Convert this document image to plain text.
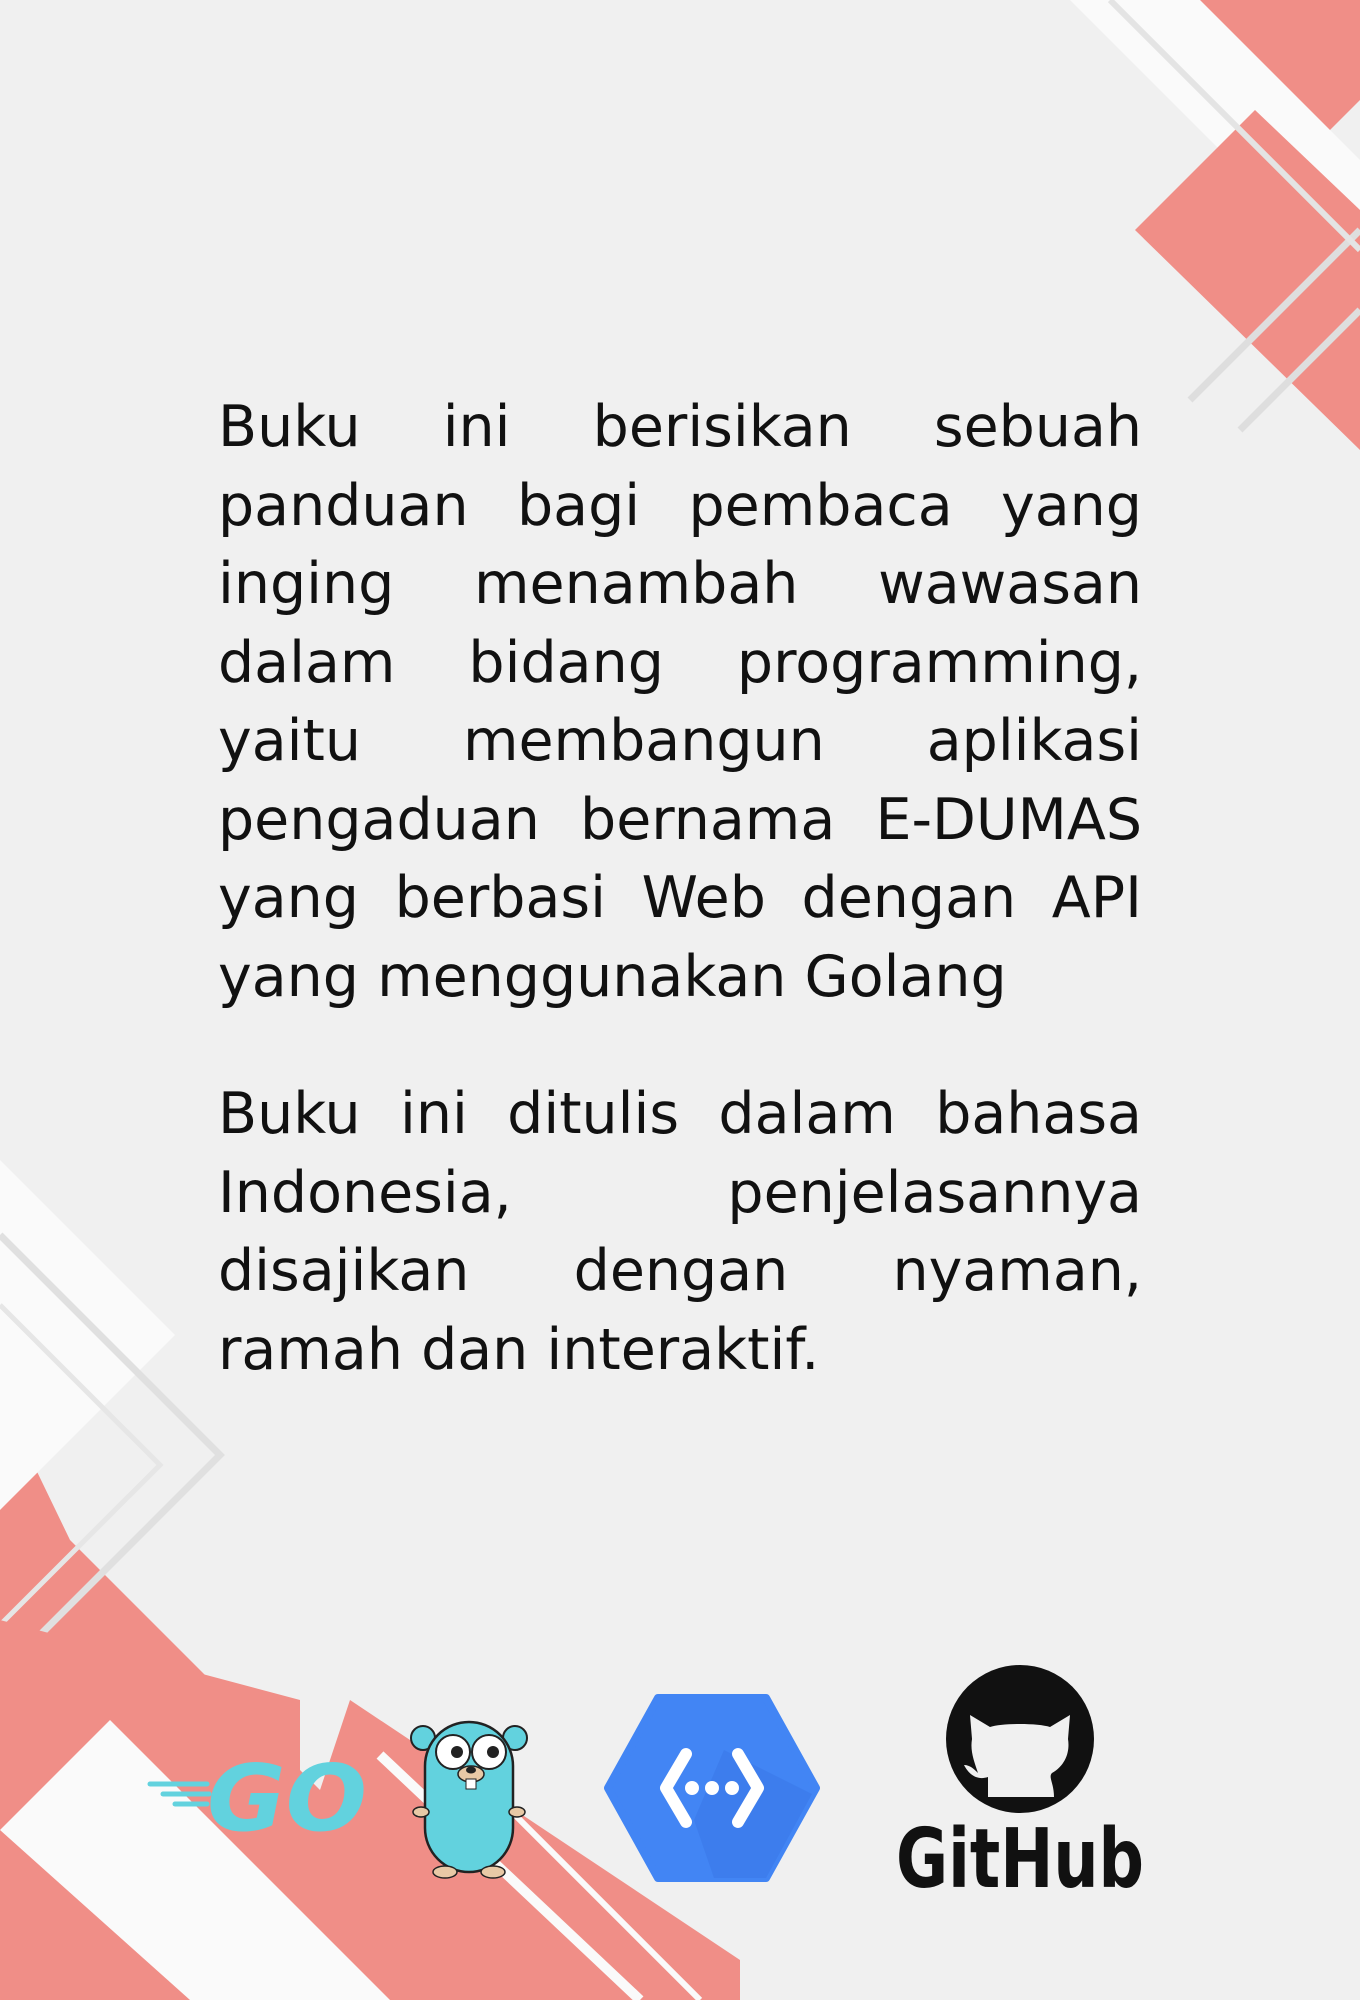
Buku ini berisikan sebuah panduan bagi pembaca yang inging menambah wawasan dalam bidang programming, yaitu membangun aplikasi pengaduan bernama E-DUMAS yang berbasi Web dengan API yang menggunakan Golang

Buku ini ditulis dalam bahasa Indonesia, penjelasannya disajikan dengan nyaman, ramah dan interaktif.

GO
GitHub
